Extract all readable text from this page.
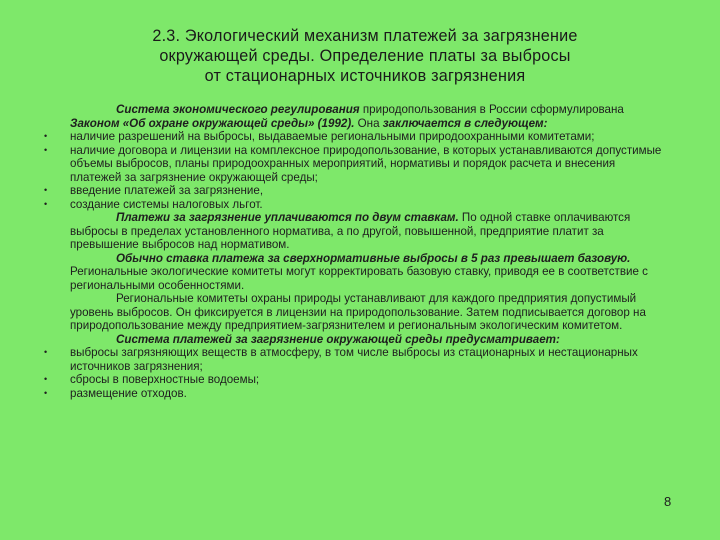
2.3. Экологический механизм платежей за загрязнение
окружающей среды. Определение платы за выбросы
от стационарных источников загрязнения

Система экономического регулирования природопользования в России сформулирована Законом «Об охране окружающей среды» (1992). Она заключается в следующем:

• наличие разрешений на выбросы, выдаваемые региональными природоохранными комитетами;
• наличие договора и лицензии на комплексное природопользование, в которых устанавливаются допустимые объемы выбросов, планы природоохранных мероприятий, нормативы и порядок расчета и внесения платежей за загрязнение окружающей среды;
• введение платежей за загрязнение,
• создание системы налоговых льгот.

Платежи за загрязнение уплачиваются по двум ставкам. По одной ставке оплачиваются выбросы в пределах установленного норматива, а по другой, повышенной, предприятие платит за превышение выбросов над нормативом.

Обычно ставка платежа за сверхнормативные выбросы в 5 раз превышает базовую. Региональные экологические комитеты могут корректировать базовую ставку, приводя ее в соответствие с региональными особенностями.

Региональные комитеты охраны природы устанавливают для каждого предприятия допустимый уровень выбросов. Он фиксируется в лицензии на природопользование. Затем подписывается договор на природопользование между предприятием-загрязнителем и региональным экологическим комитетом.

Система платежей за загрязнение окружающей среды предусматривает:

• выбросы загрязняющих веществ в атмосферу, в том числе выбросы из стационарных и нестационарных источников загрязнения;
• сбросы в поверхностные водоемы;
• размещение отходов.
8
